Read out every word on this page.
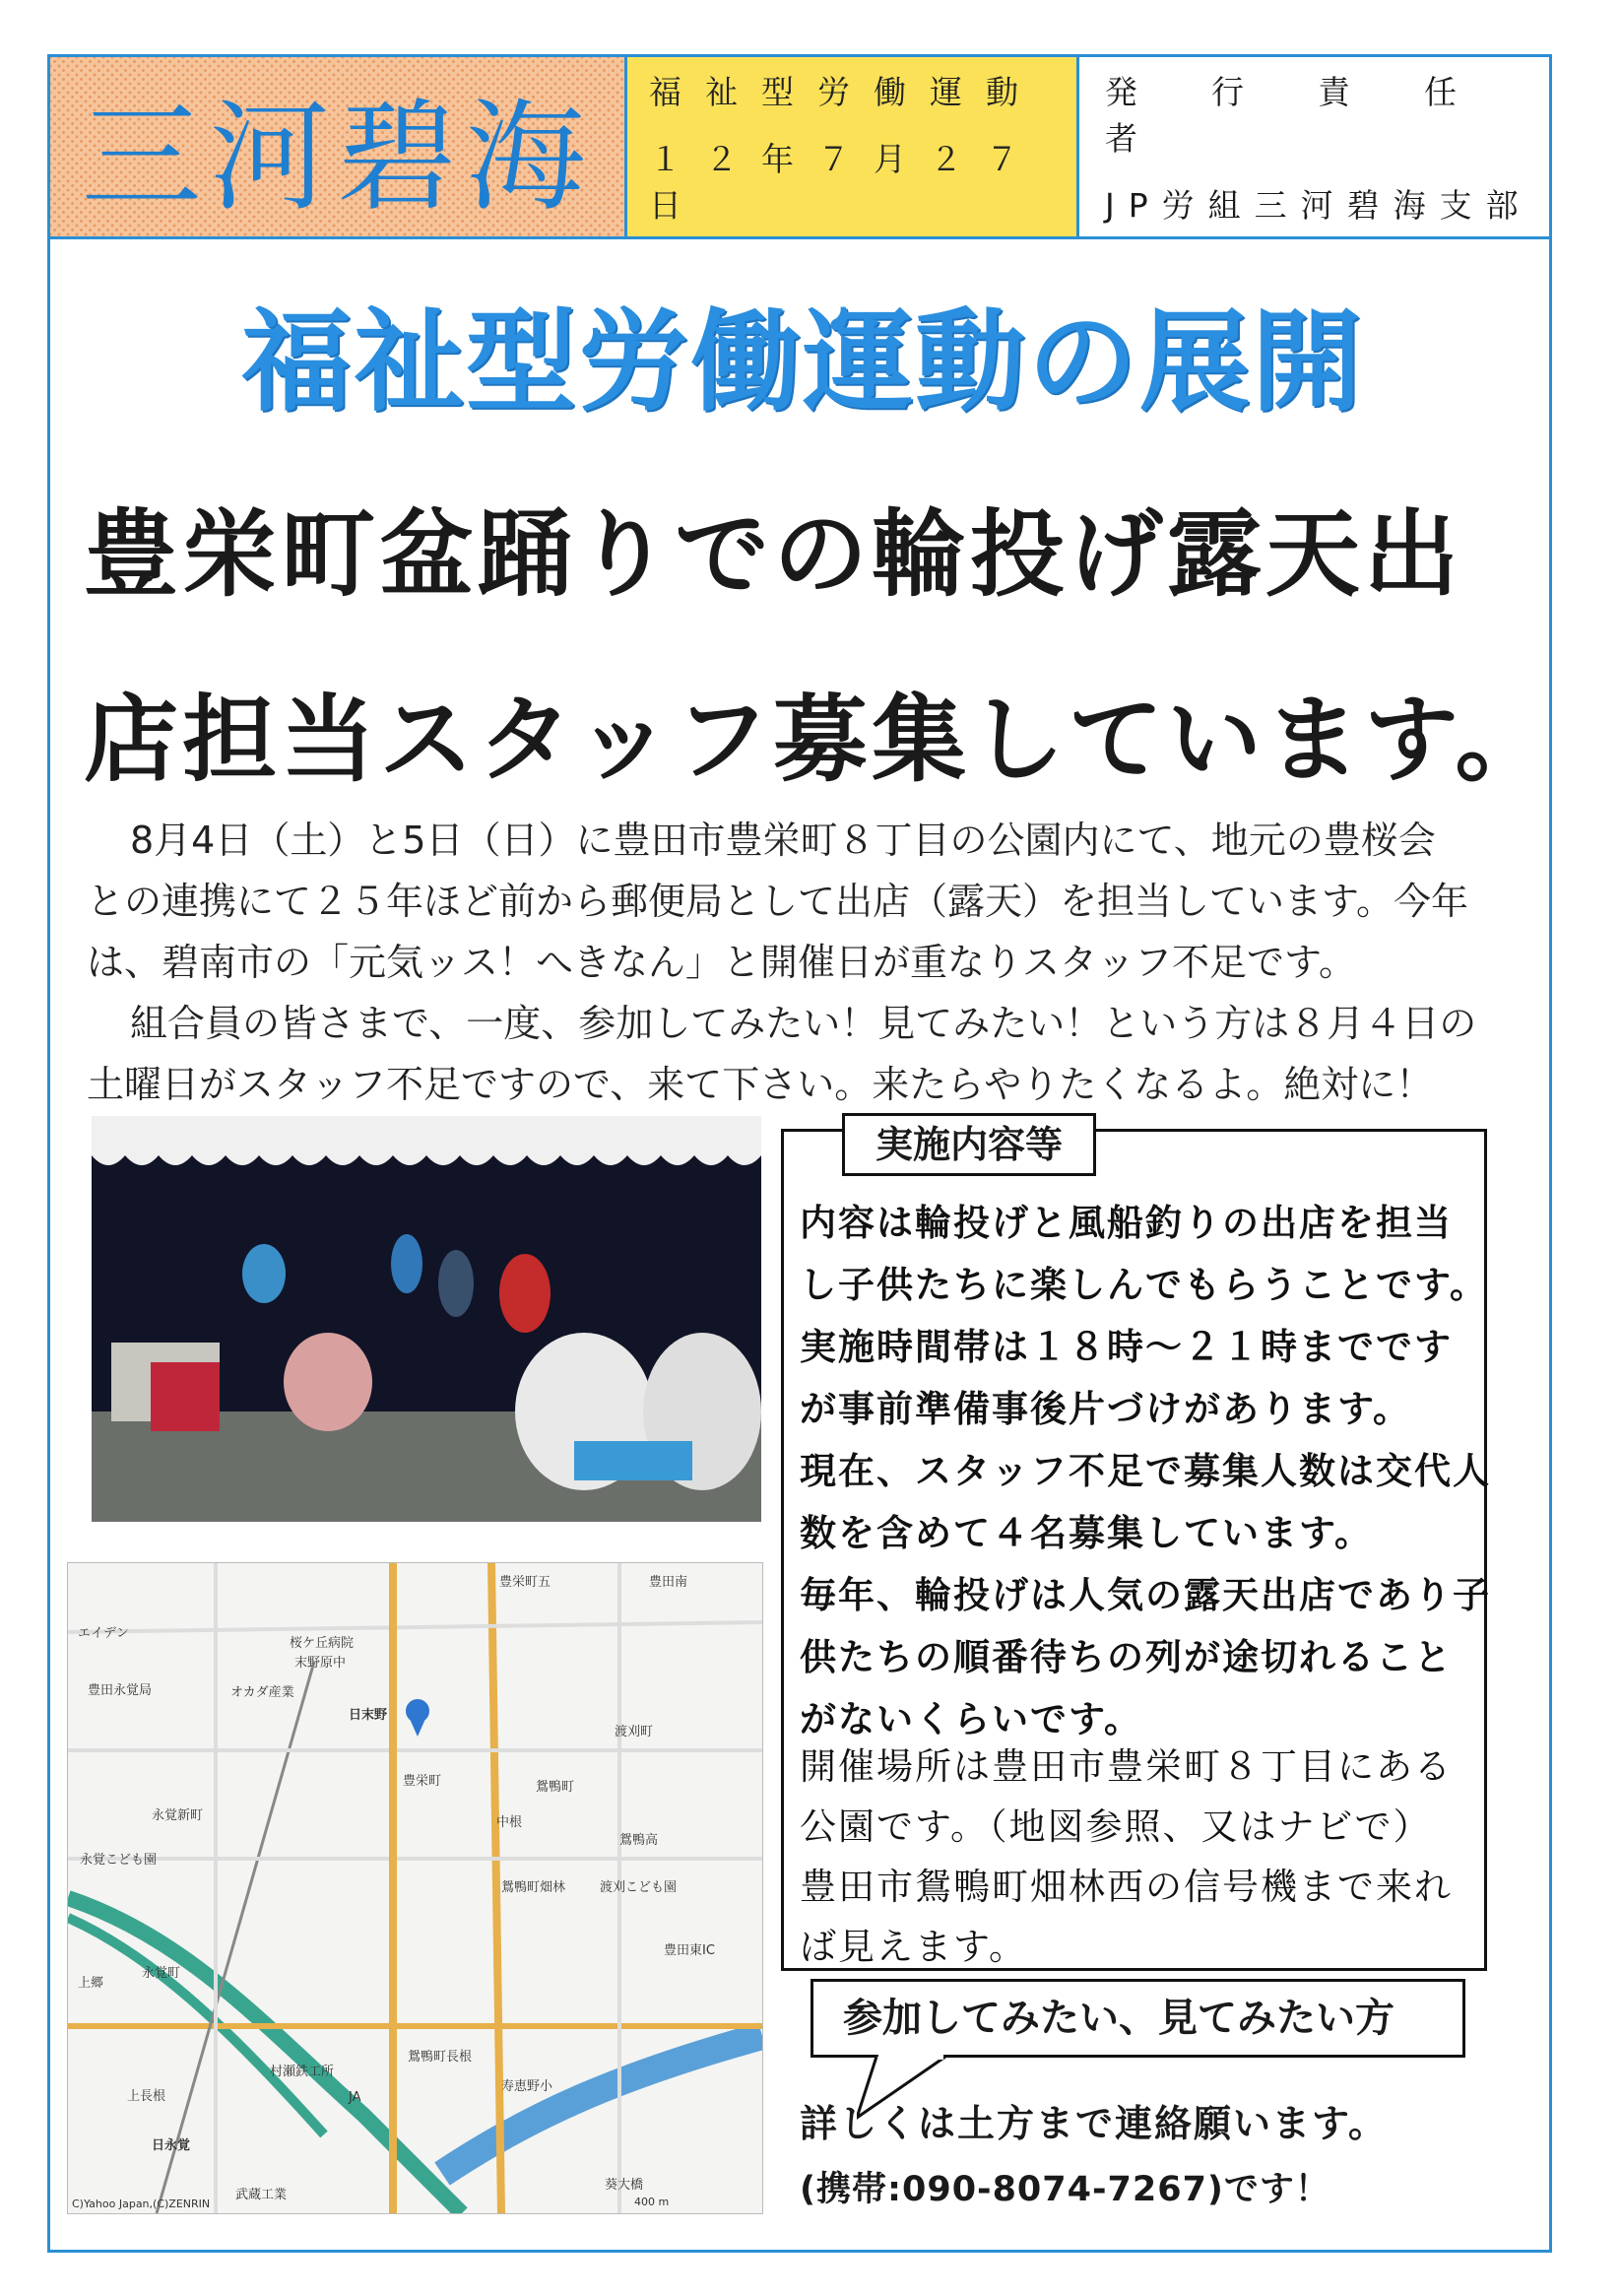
三河碧海	福祉型労働運動
１２年７月２７日
発行責任者
JP労組三河碧海支部
福祉型労働運動の展開
豊栄町盆踊りでの輪投げ露天出
店担当スタッフ募集しています。

8月4日（土）と5日（日）に豊田市豊栄町８丁目の公園内にて、地元の豊桜会

との連携にて２５年ほど前から郵便局として出店（露天）を担当しています。今年

は、碧南市の「元気ッス！へきなん」と開催日が重なりスタッフ不足です。

組合員の皆さまで、一度、参加してみたい！見てみたい！という方は８月４日の

土曜日がスタッフ不足ですので、来て下さい。来たらやりたくなるよ。絶対に！

エイデン
豊栄町五
桜ケ丘病院
末野原中
日末野
豊田永覚局	オカダ産業
豊栄町	鴛鴨町
中根
永覚新町
鴛鴨町畑林	渡刈こども園
上郷
永覚町
村瀬鉄工所
上長根
日永覚
JA
武蔵工業
寿恵野小
鴛鴨町長根
豊田東IC
渡刈町
葵大橋
豊田南
永覚こども園
鴛鴨高
C)Yahoo Japan,(C)ZENRIN	400 m
実施内容等
内容は輪投げと風船釣りの出店を担当
し子供たちに楽しんでもらうことです。
実施時間帯は１８時～２１時までです
が事前準備事後片づけがあります。
現在、スタッフ不足で募集人数は交代人
数を含めて４名募集しています。
毎年、輪投げは人気の露天出店であり子
供たちの順番待ちの列が途切れること
がないくらいです。
開催場所は豊田市豊栄町８丁目にある
公園です。（地図参照、又はナビで）
豊田市鴛鴨町畑林西の信号機まで来れ
ば見えます。
参加してみたい、見てみたい方
詳しくは土方まで連絡願います。
(携帯:090-8074-7267)です！
